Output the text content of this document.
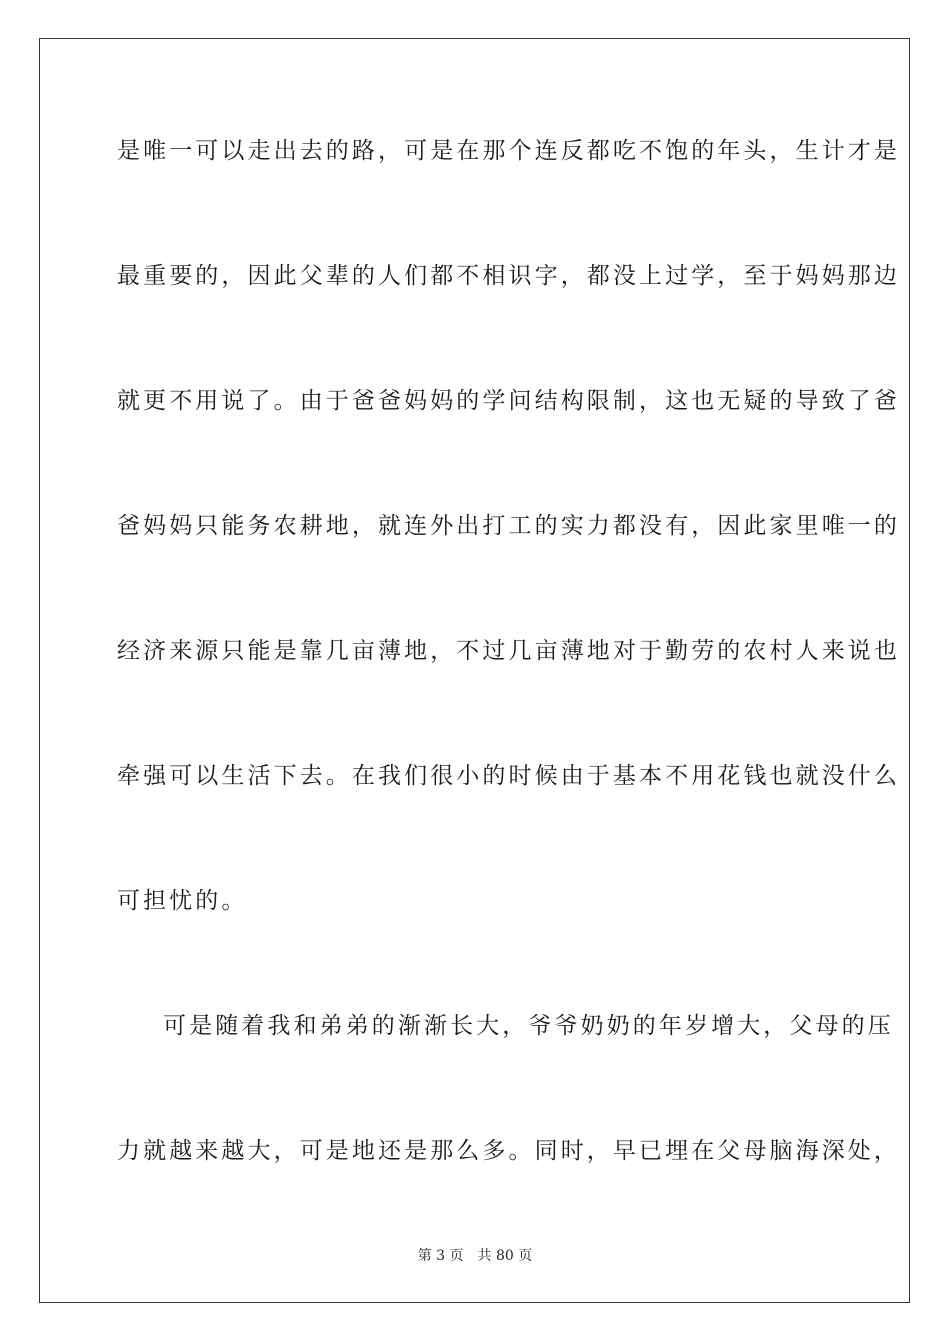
是唯一可以走出去的路，可是在那个连反都吃不饱的年头，生计才是
最重要的，因此父辈的人们都不相识字，都没上过学，至于妈妈那边
就更不用说了。由于爸爸妈妈的学问结构限制，这也无疑的导致了爸
爸妈妈只能务农耕地，就连外出打工的实力都没有，因此家里唯一的
经济来源只能是靠几亩薄地，不过几亩薄地对于勤劳的农村人来说也
牵强可以生活下去。在我们很小的时候由于基本不用花钱也就没什么
可担忧的。
可是随着我和弟弟的渐渐长大，爷爷奶奶的年岁增大，父母的压
力就越来越大，可是地还是那么多。同时，早已埋在父母脑海深处，
第 3 页 共 80 页
